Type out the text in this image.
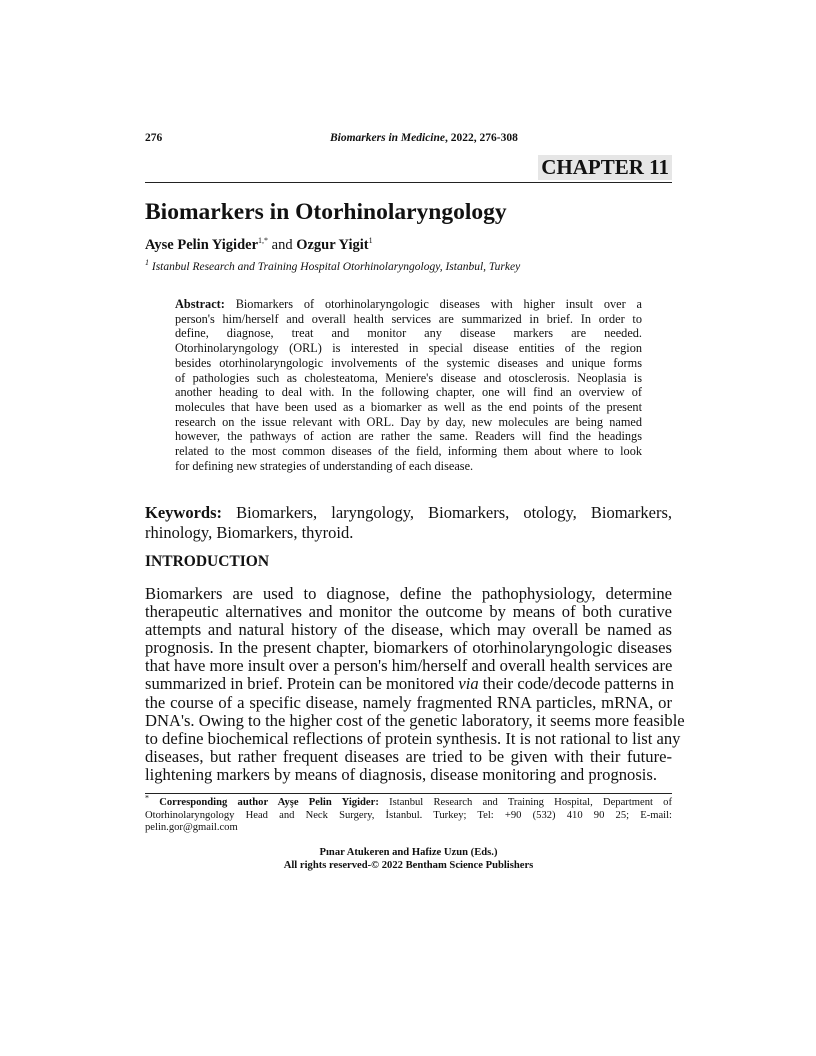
276	Biomarkers in Medicine, 2022, 276-308
CHAPTER 11
Biomarkers in Otorhinolaryngology
Ayse Pelin Yigider$^{1,*}$ and Ozgur Yigit$^1$
$^1$ Istanbul Research and Training Hospital Otorhinolaryngology, Istanbul, Turkey
Abstract: Biomarkers of otorhinolaryngologic diseases with higher insult over a
person's him/herself and overall health services are summarized in brief. In order to
define, diagnose, treat and monitor any disease markers are needed.
Otorhinolaryngology (ORL) is interested in special disease entities of the region
besides otorhinolaryngologic involvements of the systemic diseases and unique forms
of pathologies such as cholesteatoma, Meniere's disease and otosclerosis. Neoplasia is
another heading to deal with. In the following chapter, one will find an overview of
molecules that have been used as a biomarker as well as the end points of the present
research on the issue relevant with ORL. Day by day, new molecules are being named
however, the pathways of action are rather the same. Readers will find the headings
related to the most common diseases of the field, informing them about where to look
for defining new strategies of understanding of each disease.
Keywords: Biomarkers, laryngology, Biomarkers, otology, Biomarkers,
rhinology, Biomarkers, thyroid.
INTRODUCTION
Biomarkers are used to diagnose, define the pathophysiology, determine
therapeutic alternatives and monitor the outcome by means of both curative
attempts and natural history of the disease, which may overall be named as
prognosis. In the present chapter, biomarkers of otorhinolaryngologic diseases
that have more insult over a person's him/herself and overall health services are
summarized in brief. Protein can be monitored via their code/decode patterns in
the course of a specific disease, namely fragmented RNA particles, mRNA, or
DNA's. Owing to the higher cost of the genetic laboratory, it seems more feasible
to define biochemical reflections of protein synthesis. It is not rational to list any
diseases, but rather frequent diseases are tried to be given with their future-
lightening markers by means of diagnosis, disease monitoring and prognosis.
* Corresponding author Ayşe Pelin Yigider: Istanbul Research and Training Hospital, Department of
Otorhinolaryngology Head and Neck Surgery, İstanbul. Turkey; Tel: +90 (532) 410 90 25; E-mail:
pelin.gor@gmail.com
Pınar Atukeren and Hafize Uzun (Eds.)
All rights reserved-© 2022 Bentham Science Publishers
